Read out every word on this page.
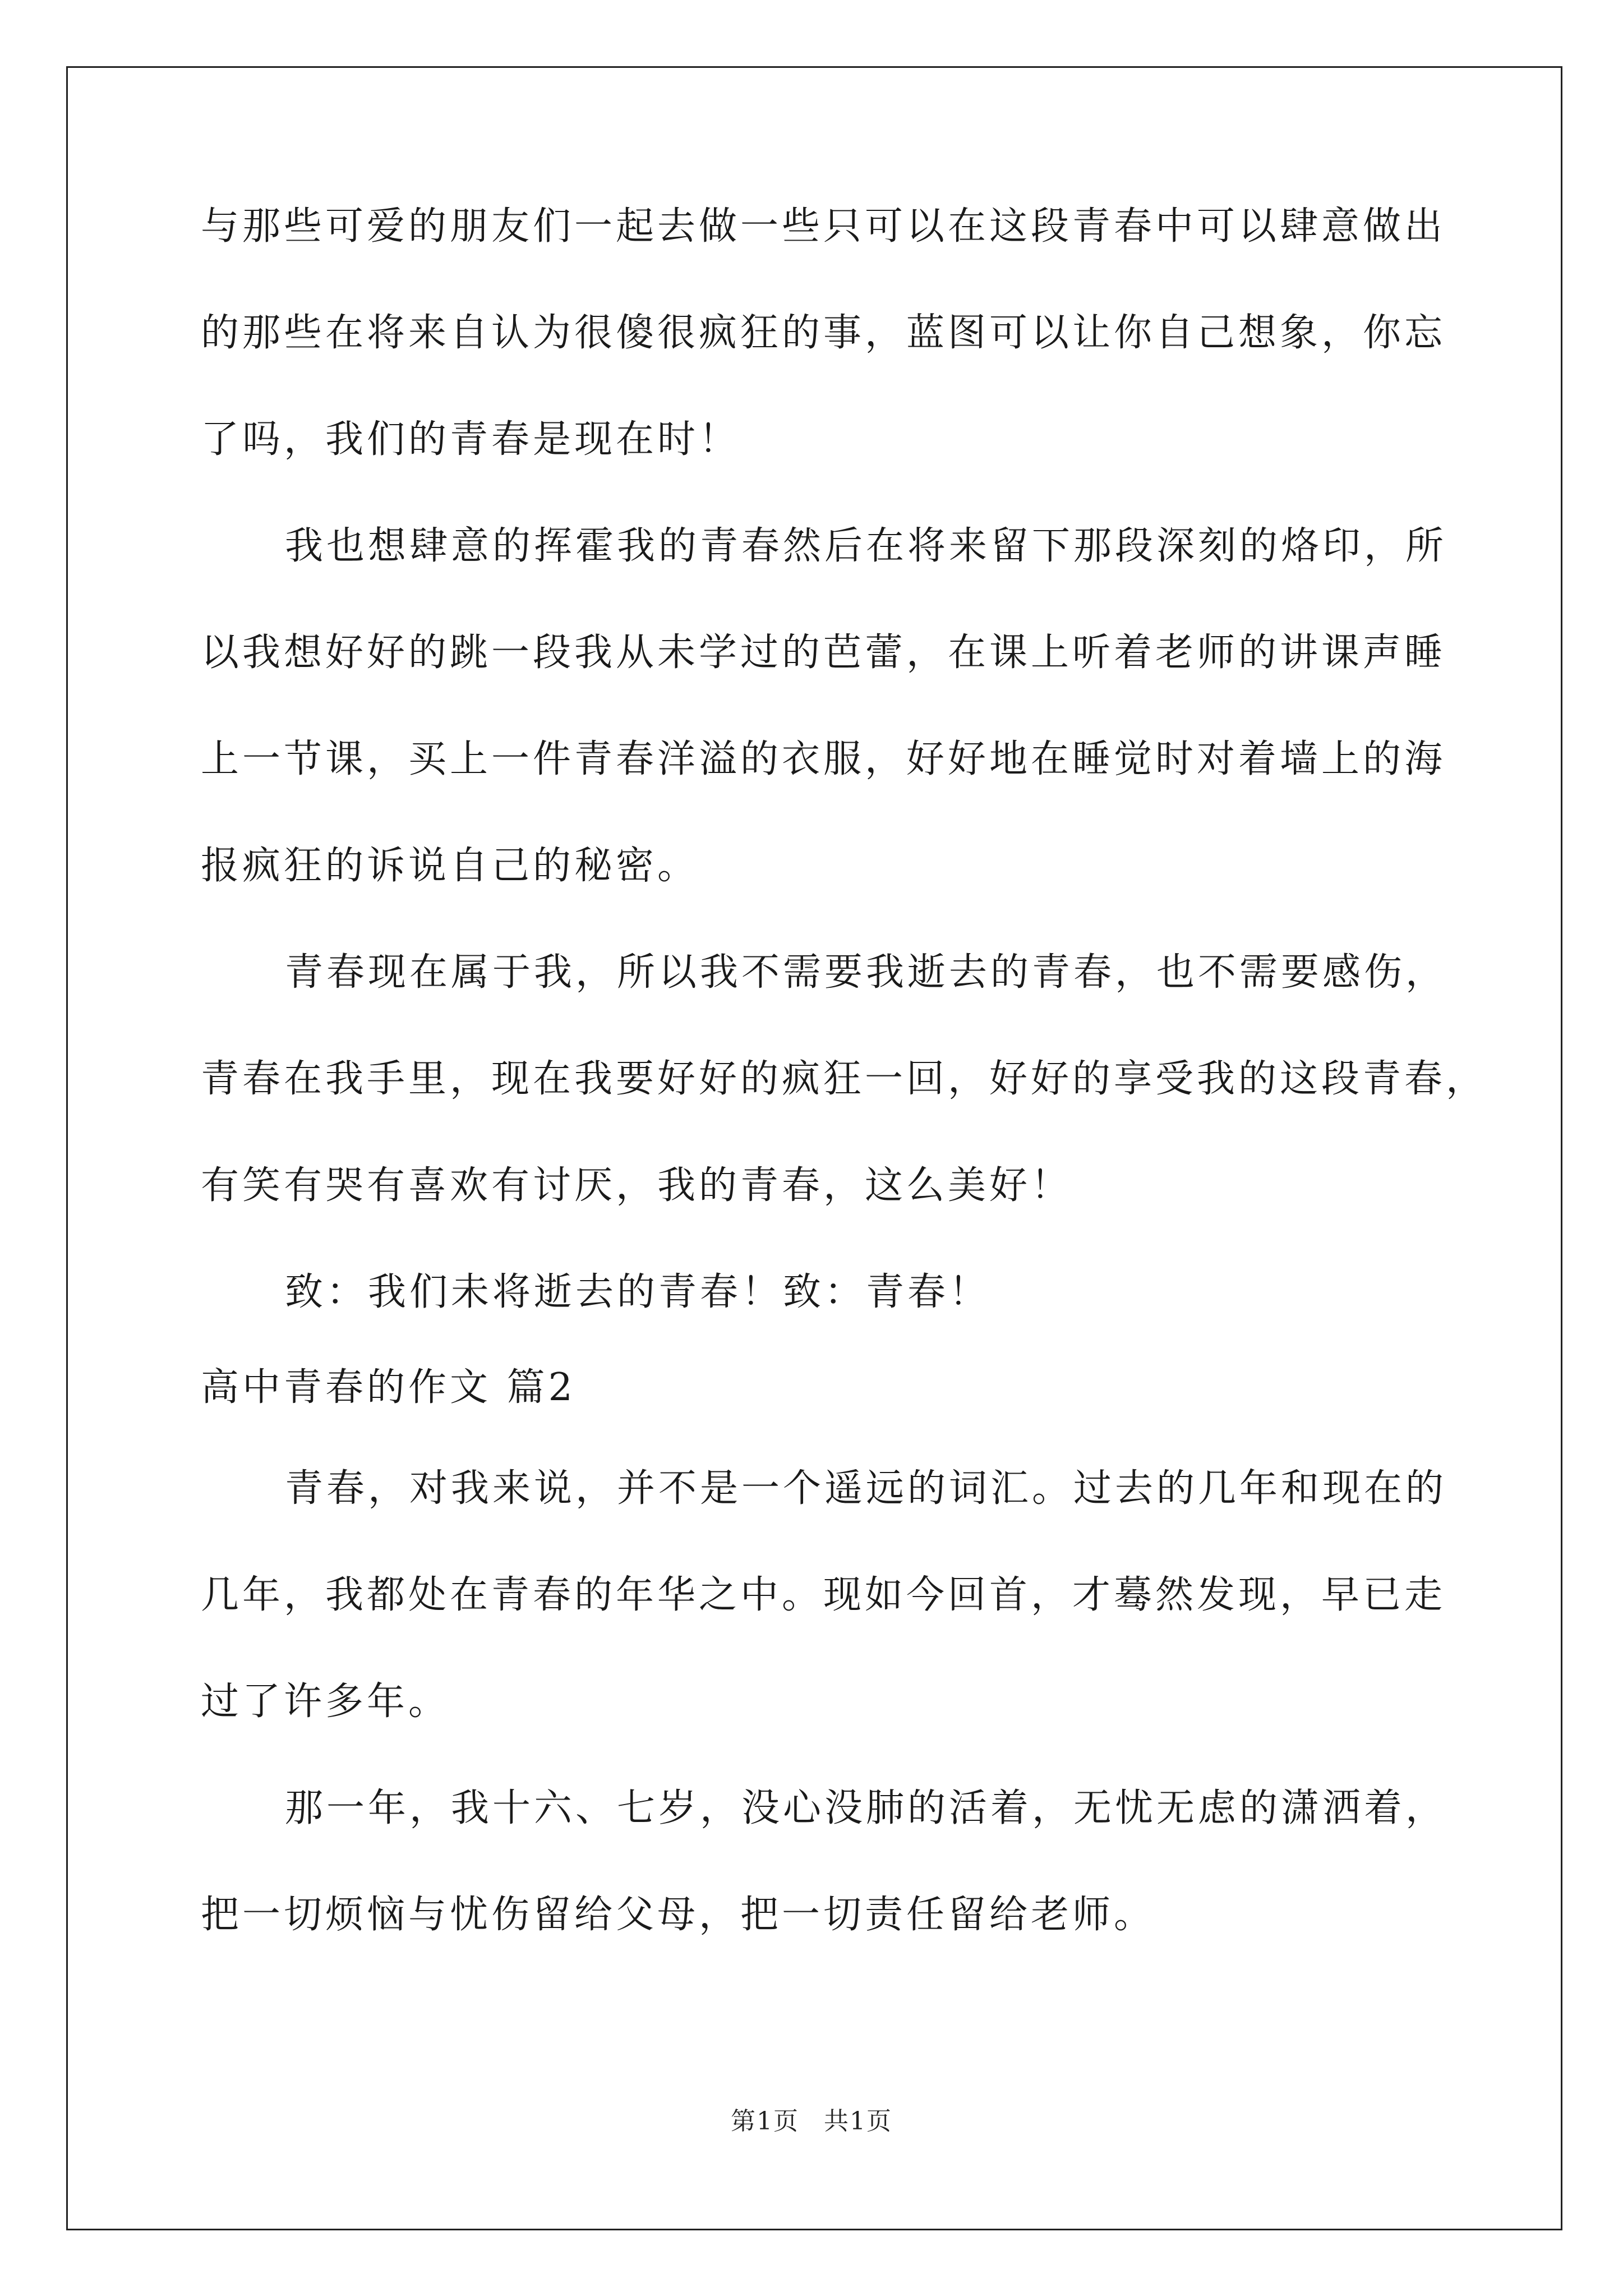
与那些可爱的朋友们一起去做一些只可以在这段青春中可以肆意做出
的那些在将来自认为很傻很疯狂的事，蓝图可以让你自己想象，你忘
了吗，我们的青春是现在时！
我也想肆意的挥霍我的青春然后在将来留下那段深刻的烙印，所
以我想好好的跳一段我从未学过的芭蕾，在课上听着老师的讲课声睡
上一节课，买上一件青春洋溢的衣服，好好地在睡觉时对着墙上的海
报疯狂的诉说自己的秘密。
青春现在属于我，所以我不需要我逝去的青春，也不需要感伤，
青春在我手里，现在我要好好的疯狂一回，好好的享受我的这段青春，
有笑有哭有喜欢有讨厌，我的青春，这么美好！
致：我们未将逝去的青春！致：青春！
高中青春的作文 篇2
青春，对我来说，并不是一个遥远的词汇。过去的几年和现在的
几年，我都处在青春的年华之中。现如今回首，才蓦然发现，早已走
过了许多年。
那一年，我十六、七岁，没心没肺的活着，无忧无虑的潇洒着，
把一切烦恼与忧伤留给父母，把一切责任留给老师。
第1页 共1页
